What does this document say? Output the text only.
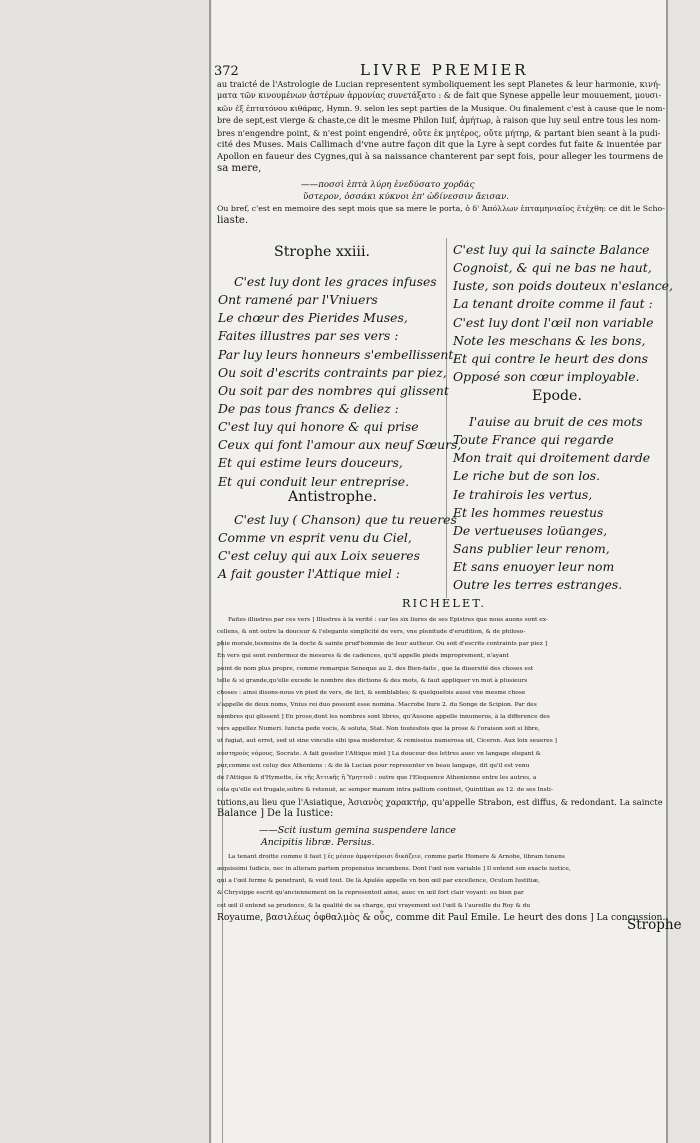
372	LIVRE PREMIER
au traicté de l'Astrologie de Lucian representent symboliquement les sept Planetes & leur harmonie, κινή-
ματα τῶν κινουμένων ἀστέρων ἁρμονίας συνετάξατο : & de fait que Synese appelle leur mouuement, μουσι-
κῶν ἐξ ἑπτατόνου κιθάρας, Hymn. 9. selon les sept parties de la Musique. Ou finalement c'est à cause que le nom-
bre de sept,est vierge & chaste,ce dit le mesme Philon Iuif, ἀμήτωρ, à raison que luy seul entre tous les nom-
bres n'engendre point, & n'est point engendré, οὔτε ἐκ μητέρος, οὔτε μήτηρ, & partant bien seant à la pudi-
cité des Muses. Mais Callimach d'vne autre façon dit que la Lyre à sept cordes fut faite & inuentée par
Apollon en faueur des Cygnes,qui à sa naissance chanterent par sept fois, pour alleger les tourmens de
sa mere,
——ποσσὶ ἑπτὰ λύρη ἐνεδύσατο χορδάς
ὕστερον, ὁσσάκι κύκνοι ἐπ' ὠδίνεσσιν ἄεισαν.
Ou bref, c'est en memoire des sept mois que sa mere le porta, ὁ δ' Ἀπόλλων ἑπταμηνιαῖος ἐτέχθη: ce dit le Scho-
liaste.
Strophe xxiii.
C'est luy dont les graces infuses
Ont ramené par l'Vniuers
Le chœur des Pierides Muses,
Faites illustres par ses vers :
Par luy leurs honneurs s'embellissent,
Ou soit d'escrits contraints par piez,
Ou soit par des nombres qui glissent
De pas tous francs & deliez :
C'est luy qui honore & qui prise
Ceux qui font l'amour aux neuf Sœurs,
Et qui estime leurs douceurs,
Et qui conduit leur entreprise.
Antistrophe.
C'est luy ( Chanson) que tu reueres
Comme vn esprit venu du Ciel,
C'est celuy qui aux Loix seueres
A fait gouster l'Attique miel :
C'est luy qui la saincte Balance
Cognoist, & qui ne bas ne haut,
Iuste, son poids douteux n'eslance,
La tenant droite comme il faut :
C'est luy dont l'œil non variable
Note les meschans & les bons,
Et qui contre le heurt des dons
Opposé son cœur imployable.
Epode.
I'auise au bruit de ces mots
Toute France qui regarde
Mon trait qui droitement darde
Le riche but de son los.
Ie trahirois les vertus,
Et les hommes reuestus
De vertueuses loüanges,
Sans publier leur renom,
Et sans enuoyer leur nom
Outre les terres estranges.
RICHELET.
Faites illustres par ces vers ] Illustres à la verité : car les six liures de ses Epistres que nous auons sont ex-
cellens, & ont outre la douceur & l'elegante simplicité de vers, vne plenitude d'erudition, & de philoso-
phie morale,tesmoins de la docte & sainte prud'hommie de leur autheur. Ou soit d'escrits contraints par piez ]
En vers qui sont renfermez de mesures & de cadences, qu'il appelle pieds improprement, n'ayant
point de nom plus propre, comme remarque Seneque au 2. des Bien-faits , que la diuersité des choses est
telle & si grande,qu'elle excede le nombre des dictions & des mots, & faut appliquer vn mot à plusieurs
choses : ainsi disons-nous vn pied de vers, de lict, & semblables; & quelquefois aussi vne mesme chose
s'appelle de deux noms, Vnius rei duo possunt esse nomina. Macrobe liure 2. du Songe de Scipion. Par des
nombres qui glissent ] En prose,dont les nombres sont libres, qu'Ausone appelle innumeros, à la difference des
vers appellez Numeri. Iuncta pede vocis, & soluta, Stat. Non toutesfois que la prose & l'oraison soit si libre,
ut fugiat, aut erret, sed ut sine vinculis sibi ipsa moderetur, & remissius numerosa sit, Ciceron. Aux loix seueres ]
αὐστηρούς νόμους, Socrate. A fait gouster l'Attique miel ] La douceur des lettres auec vn langage elegant &
pur,comme est celuy des Atheniens : & de là Lucian pour representer vn beau langage, dit qu'il est venu
de l'Attique & d'Hymette, ἐκ τῆς Ἀττικῆς ἢ Ὑμηττοῦ : outre que l'Eloquence Athenienne entre les autres, a
cela qu'elle est frugale,sobre & retenuë, ac semper manum intra pallium continet, Quintilian au 12. de ses Insti-
tutions,au lieu que l'Asiatique, Ἀσιανὸς χαρακτήρ, qu'appelle Strabon, est diffus, & redondant. La saincte
Balance ] De la Iustice:
——Scit iustum gemina suspendere lance
Ancipitis libræ. Persius.
La tenant droitte comme il faut ] ἐς μέσον ἀμφοτέροισι δικάζειν, comme parle Homere & Arnobe, libram tenens
æquissimi Iudicis, nec in alteram partem propensius incumbens. Dont l'œil non variable ] Il entend son exacte iustice,
qui a l'œil ferme & penetrant, & void tout. De là Apulée appelle vn bon œil par excellence, Oculum Iustitiæ,
& Chrysippe escrit qu'anciennement on la representoit ainsi, auec vn œil fort clair voyant: ou bien par
cet œil il entend sa prudence, & la qualité de sa charge, qui vrayement est l'œil & l'aureille du Roy & du
Royaume, βασιλέως ὀφθαλμὸς & οὖς, comme dit Paul Emile. Le heurt des dons ] La concussion.
Strophe
